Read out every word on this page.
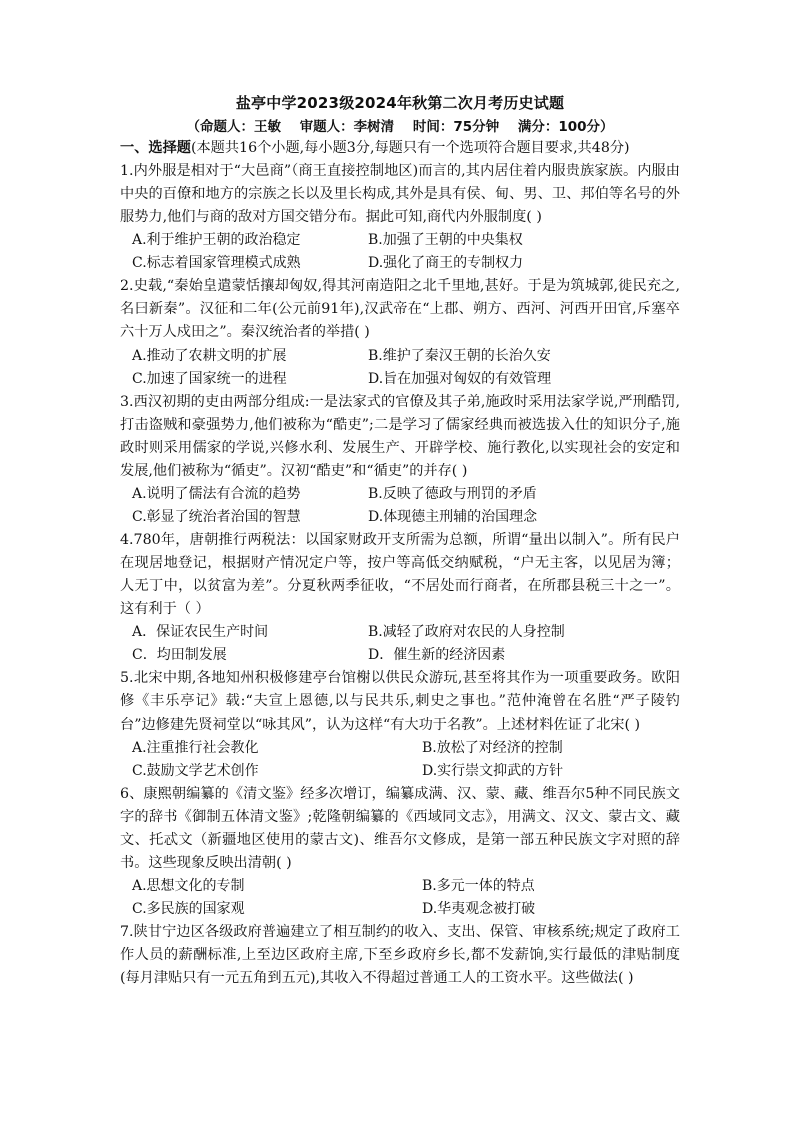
盐亭中学2023级2024年秋第二次月考历史试题
（命题人：王敏 审题人：李树清 时间：75分钟 满分：100分）

一、选择题(本题共16个小题,每小题3分,每题只有一个选项符合题目要求,共48分)

1.内外服是相对于“大邑商”（商王直接控制地区)而言的,其内居住着内服贵族家族。内服由中央的百僚和地方的宗族之长以及里长构成,其外是具有侯、甸、男、卫、邦伯等名号的外服势力,他们与商的敌对方国交错分布。据此可知,商代内外服制度( )

A.利于维护王朝的政治稳定	B.加强了王朝的中央集权
C.标志着国家管理模式成熟	D.强化了商王的专制权力

2.史载,“秦始皇遣蒙恬攘却匈奴,得其河南造阳之北千里地,甚好。于是为筑城郭,徙民充之,名曰新秦”。汉征和二年(公元前91年),汉武帝在“上郡、朔方、西河、河西开田官,斥塞卒六十万人戍田之”。秦汉统治者的举措( )

A.推动了农耕文明的扩展	B.维护了秦汉王朝的长治久安
C.加速了国家统一的进程	D.旨在加强对匈奴的有效管理

3.西汉初期的吏由两部分组成:一是法家式的官僚及其子弟,施政时采用法家学说,严刑酷罚,打击盗贼和豪强势力,他们被称为“酷吏”;二是学习了儒家经典而被选拔入仕的知识分子,施政时则采用儒家的学说,兴修水利、发展生产、开辟学校、施行教化,以实现社会的安定和发展,他们被称为“循吏”。汉初“酷吏”和“循吏”的并存( )

A.说明了儒法有合流的趋势	B.反映了德政与刑罚的矛盾
C.彰显了统治者治国的智慧	D.体现德主刑辅的治国理念

4.780年，唐朝推行两税法：以国家财政开支所需为总额，所谓“量出以制入”。所有民户在现居地登记，根据财产情况定户等，按户等高低交纳赋税，“户无主客，以见居为簿；人无丁中，以贫富为差”。分夏秋两季征收，“不居处而行商者，在所郡县税三十之一”。这有利于（ ）

A．保证农民生产时间	B.减轻了政府对农民的人身控制
C．均田制发展	D．催生新的经济因素

5.北宋中期,各地知州积极修建亭台馆榭以供民众游玩,甚至将其作为一项重要政务。欧阳修《丰乐亭记》载:“夫宣上恩德,以与民共乐,刺史之事也。”范仲淹曾在名胜“严子陵钓台”边修建先贤祠堂以“咏其风”，认为这样“有大功于名教”。上述材料佐证了北宋( )

A.注重推行社会教化	B.放松了对经济的控制
C.鼓励文学艺术创作	D.实行崇文抑武的方针

6、康熙朝编纂的《清文鉴》经多次增订，编纂成满、汉、蒙、藏、维吾尔5种不同民族文字的辞书《御制五体清文鉴》;乾隆朝编纂的《西域同文志》，用满文、汉文、蒙古文、藏文、托忒文（新疆地区使用的蒙古文)、维吾尔文修成，是第一部五种民族文字对照的辞书。这些现象反映出清朝( )

A.思想文化的专制	B.多元一体的特点
C.多民族的国家观	D.华夷观念被打破

7.陕甘宁边区各级政府普遍建立了相互制约的收入、支出、保管、审核系统;规定了政府工作人员的薪酬标准,上至边区政府主席,下至乡政府乡长,都不发薪饷,实行最低的津贴制度(每月津贴只有一元五角到五元),其收入不得超过普通工人的工资水平。这些做法( )
